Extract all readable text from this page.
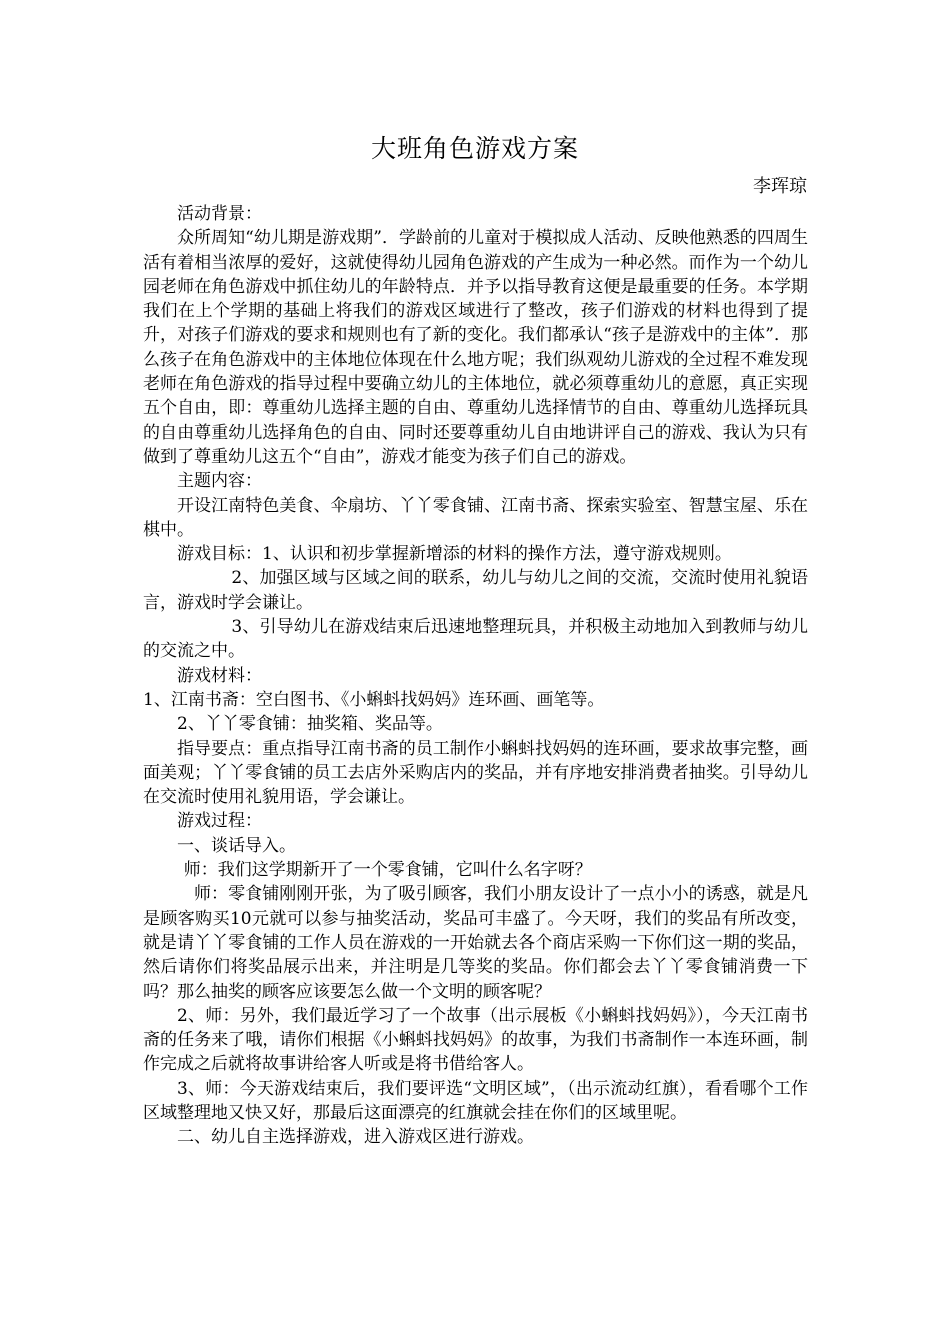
大班角色游戏方案
李珲琼

活动背景：

众所周知“幼儿期是游戏期”．学龄前的儿童对于模拟成人活动、反映他熟悉的四周生活有着相当浓厚的爱好，这就使得幼儿园角色游戏的产生成为一种必然。而作为一个幼儿园老师在角色游戏中抓住幼儿的年龄特点．并予以指导教育这便是最重要的任务。本学期我们在上个学期的基础上将我们的游戏区域进行了整改，孩子们游戏的材料也得到了提升，对孩子们游戏的要求和规则也有了新的变化。我们都承认“孩子是游戏中的主体”．那么孩子在角色游戏中的主体地位体现在什么地方呢；我们纵观幼儿游戏的全过程不难发现老师在角色游戏的指导过程中要确立幼儿的主体地位，就必须尊重幼儿的意愿，真正实现五个自由，即：尊重幼儿选择主题的自由、尊重幼儿选择情节的自由、尊重幼儿选择玩具的自由尊重幼儿选择角色的自由、同时还要尊重幼儿自由地讲评自己的游戏、我认为只有做到了尊重幼儿这五个“自由”，游戏才能变为孩子们自己的游戏。

主题内容：

开设江南特色美食、伞扇坊、丫丫零食铺、江南书斋、探索实验室、智慧宝屋、乐在棋中。

游戏目标：1、认识和初步掌握新增添的材料的操作方法，遵守游戏规则。

2、加强区域与区域之间的联系，幼儿与幼儿之间的交流，交流时使用礼貌语言，游戏时学会谦让。

3、引导幼儿在游戏结束后迅速地整理玩具，并积极主动地加入到教师与幼儿的交流之中。

游戏材料：

1、江南书斋：空白图书、《小蝌蚪找妈妈》连环画、画笔等。

2、丫丫零食铺：抽奖箱、奖品等。

指导要点：重点指导江南书斋的员工制作小蝌蚪找妈妈的连环画，要求故事完整，画面美观；丫丫零食铺的员工去店外采购店内的奖品，并有序地安排消费者抽奖。引导幼儿在交流时使用礼貌用语，学会谦让。

游戏过程：

一、谈话导入。

师：我们这学期新开了一个零食铺，它叫什么名字呀？

师：零食铺刚刚开张，为了吸引顾客，我们小朋友设计了一点小小的诱惑，就是凡是顾客购买10元就可以参与抽奖活动，奖品可丰盛了。今天呀，我们的奖品有所改变，就是请丫丫零食铺的工作人员在游戏的一开始就去各个商店采购一下你们这一期的奖品，然后请你们将奖品展示出来，并注明是几等奖的奖品。你们都会去丫丫零食铺消费一下吗？那么抽奖的顾客应该要怎么做一个文明的顾客呢？

2、师：另外，我们最近学习了一个故事（出示展板《小蝌蚪找妈妈》），今天江南书斋的任务来了哦，请你们根据《小蝌蚪找妈妈》的故事，为我们书斋制作一本连环画，制作完成之后就将故事讲给客人听或是将书借给客人。

3、师：今天游戏结束后，我们要评选“文明区域”，（出示流动红旗），看看哪个工作区域整理地又快又好，那最后这面漂亮的红旗就会挂在你们的区域里呢。

二、幼儿自主选择游戏，进入游戏区进行游戏。
